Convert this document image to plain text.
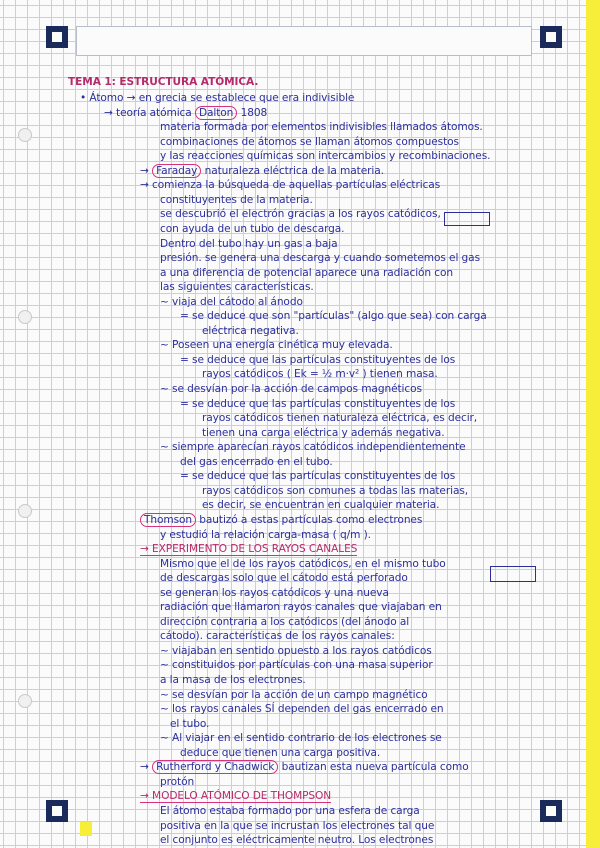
TEMA 1: ESTRUCTURA ATÓMICA.
• Átomo → en grecia se establece que era indivisible
→ teoría atómica Dalton 1808
materia formada por elementos indivisibles llamados átomos.
combinaciones de átomos se llaman átomos compuestos
y las reacciones químicas son intercambios y recombinaciones.
→ Faraday naturaleza eléctrica de la materia.
→ comienza la búsqueda de aquellas partículas eléctricas
constituyentes de la materia.
se descubrió el electrón gracias a los rayos catódicos,
con ayuda de un tubo de descarga.
Dentro del tubo hay un gas a baja
presión. se genera una descarga y cuando sometemos el gas
a una diferencia de potencial aparece una radiación con
las siguientes características.
~ viaja del cátodo al ánodo
= se deduce que son "partículas" (algo que sea) con carga
eléctrica negativa.
~ Poseen una energía cinética muy elevada.
= se deduce que las partículas constituyentes de los
rayos catódicos ( Ek = ½ m·v² ) tienen masa.
~ se desvían por la acción de campos magnéticos
= se deduce que las partículas constituyentes de los
rayos catódicos tienen naturaleza eléctrica, es decir,
tienen una carga eléctrica y además negativa.
~ siempre aparecían rayos catódicos independientemente
del gas encerrado en el tubo.
= se deduce que las partículas constituyentes de los
rayos catódicos son comunes a todas las materias,
es decir, se encuentran en cualquier materia.
Thomson bautizó a estas partículas como electrones
y estudió la relación carga-masa ( q/m ).
→ EXPERIMENTO DE LOS RAYOS CANALES
Mismo que el de los rayos catódicos, en el mismo tubo
de descargas solo que el cátodo está perforado
se generan los rayos catódicos y una nueva
radiación que llamaron rayos canales que viajaban en
dirección contraria a los catódicos (del ánodo al
cátodo). características de los rayos canales:
~ viajaban en sentido opuesto a los rayos catódicos
~ constituidos por partículas con una masa superior
a la masa de los electrones.
~ se desvían por la acción de un campo magnético
~ los rayos canales SÍ dependen del gas encerrado en
el tubo.
~ Al viajar en el sentido contrario de los electrones se
deduce que tienen una carga positiva.
→ Rutherford y Chadwick bautizan esta nueva partícula como
protón
→ MODELO ATÓMICO DE THOMPSON
El átomo estaba formado por una esfera de carga
positiva en la que se incrustan los electrones tal que
el conjunto es eléctricamente neutro. Los electrones
